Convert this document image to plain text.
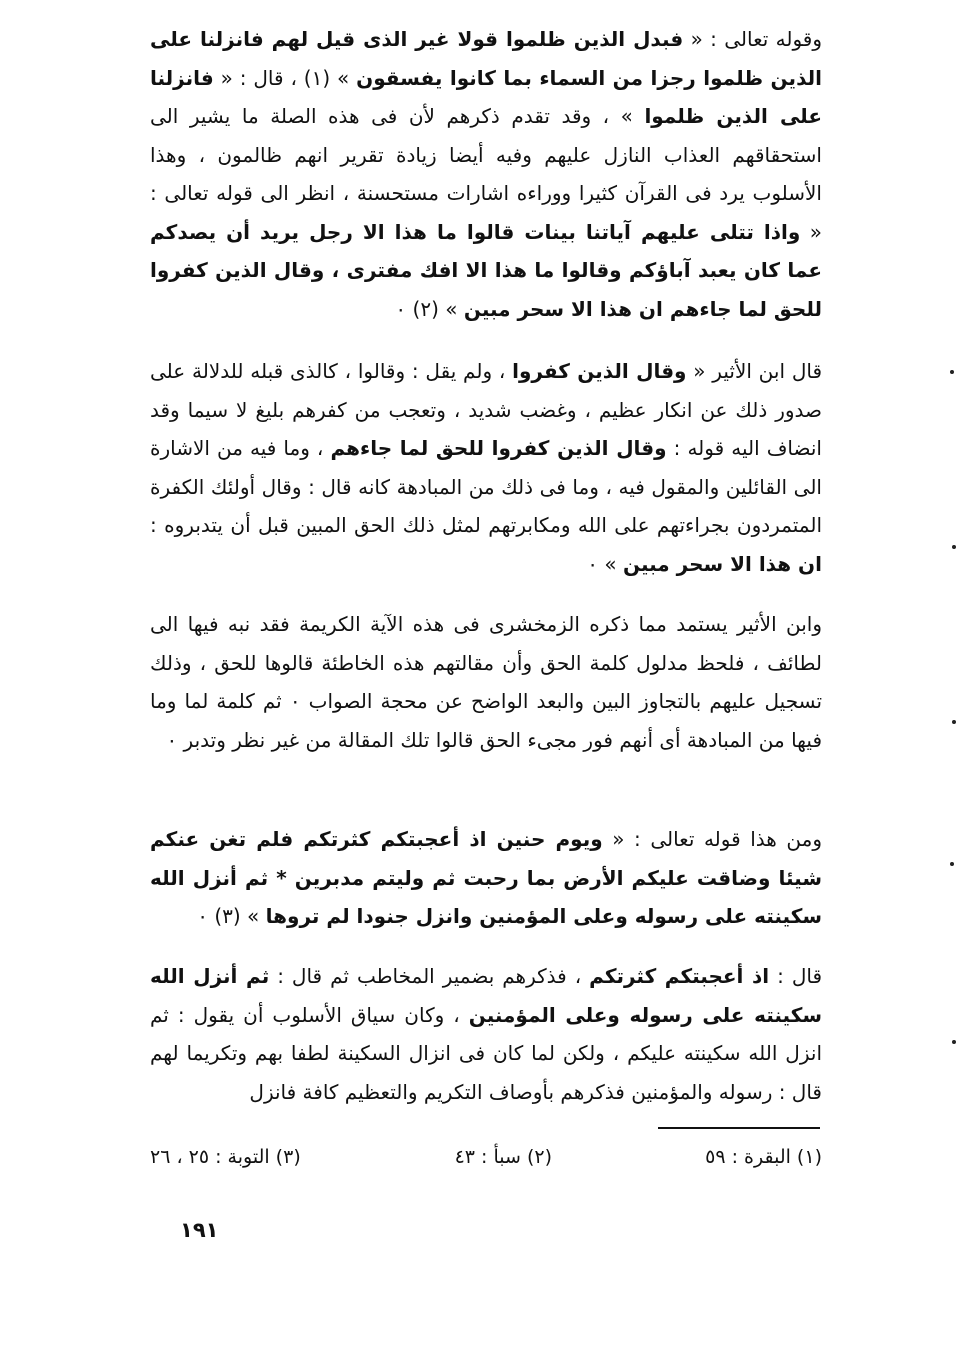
وقوله تعالى : « فبدل الذين ظلموا قولا غير الذى قيل لهم فانزلنا على الذين ظلموا رجزا من السماء بما كانوا يفسقون » (١) ، قال : « فانزلنا على الذين ظلموا » ، وقد تقدم ذكرهم لأن فى هذه الصلة ما يشير الى استحقاقهم العذاب النازل عليهم وفيه أيضا زيادة تقرير انهم ظالمون ، وهذا الأسلوب يرد فى القرآن كثيرا ووراءه اشارات مستحسنة ، انظر الى قوله تعالى : « واذا تتلى عليهم آياتنا بينات قالوا ما هذا الا رجل يريد أن يصدكم عما كان يعبد آباؤكم وقالوا ما هذا الا افك مفترى ، وقال الذين كفروا للحق لما جاءهم ان هذا الا سحر مبين » (٢) ٠

قال ابن الأثير « وقال الذين كفروا ، ولم يقل : وقالوا ، كالذى قبله للدلالة على صدور ذلك عن انكار عظيم ، وغضب شديد ، وتعجب من كفرهم بليغ لا سيما وقد انضاف اليه قوله : وقال الذين كفروا للحق لما جاءهم ، وما فيه من الاشارة الى القائلين والمقول فيه ، وما فى ذلك من المبادهة كانه قال : وقال أولئك الكفرة المتمردون بجراءتهم على الله ومكابرتهم لمثل ذلك الحق المبين قبل أن يتدبروه : ان هذا الا سحر مبين » ٠

وابن الأثير يستمد مما ذكره الزمخشرى فى هذه الآية الكريمة فقد نبه فيها الى لطائف ، فلحظ مدلول كلمة الحق وأن مقالتهم هذه الخاطئة قالوها للحق ، وذلك تسجيل عليهم بالتجاوز البين والبعد الواضح عن محجة الصواب ٠ ثم كلمة لما وما فيها من المبادهة أى أنهم فور مجىء الحق قالوا تلك المقالة من غير نظر وتدبر ٠

ومن هذا قوله تعالى : « ويوم حنين اذ أعجبتكم كثرتكم فلم تغن عنكم شيئا وضاقت عليكم الأرض بما رحبت ثم وليتم مدبرين * ثم أنزل الله سكينته على رسوله وعلى المؤمنين وانزل جنودا لم تروها » (٣) ٠

قال : اذ أعجبتكم كثرتكم ، فذكرهم بضمير المخاطب ثم قال : ثم أنزل الله سكينته على رسوله وعلى المؤمنين ، وكان سياق الأسلوب أن يقول : ثم انزل الله سكينته عليكم ، ولكن لما كان فى انزال السكينة لطفا بهم وتكريما لهم قال : رسوله والمؤمنين فذكرهم بأوصاف التكريم والتعظيم كافة فانزل

(١) البقرة : ٥٩
(٢) سبأ : ٤٣
(٣) التوبة : ٢٥ ، ٢٦
١٩١
